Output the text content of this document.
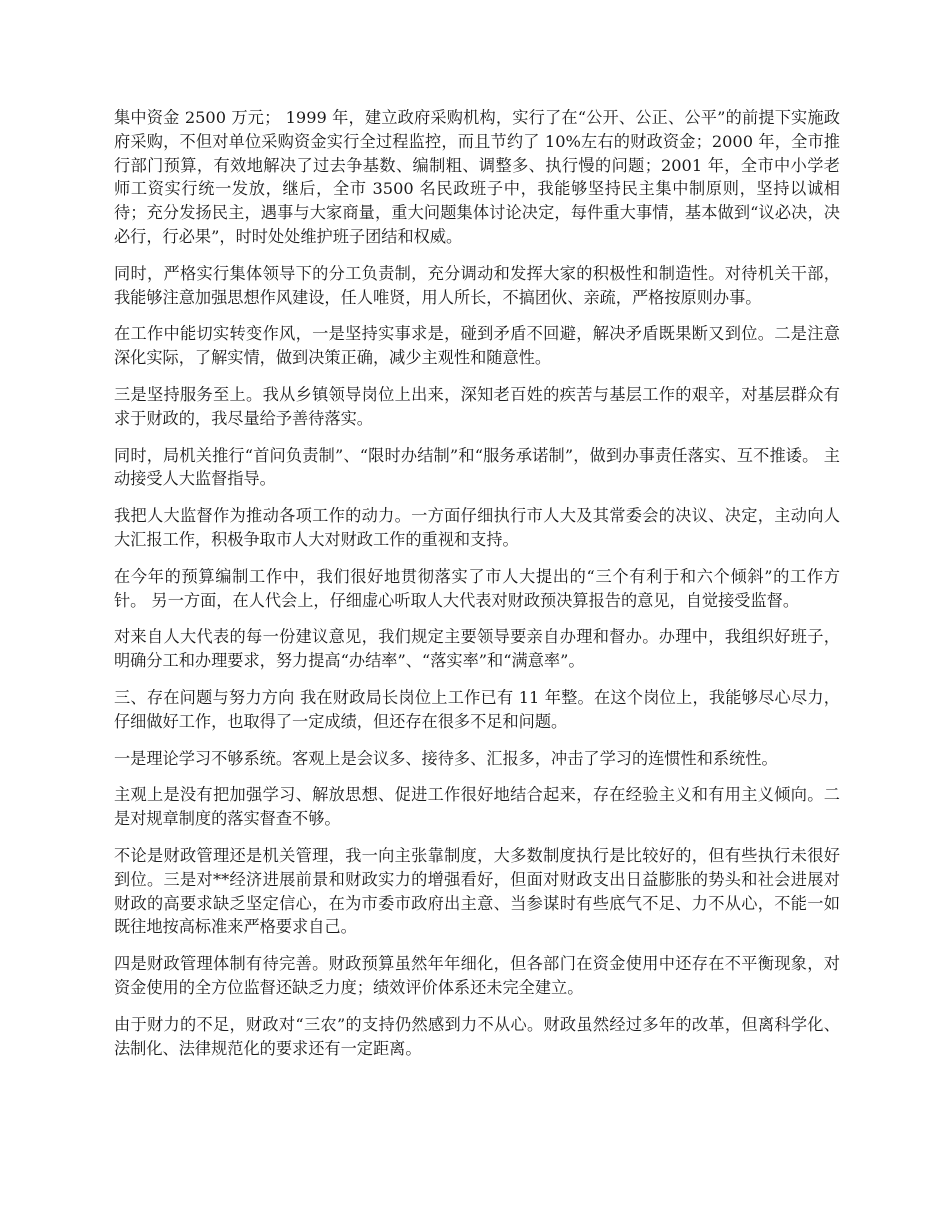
集中资金 2500 万元； 1999 年，建立政府采购机构，实行了在“公开、公正、公平”的前提下实施政府采购，不但对单位采购资金实行全过程监控，而且节约了 10%左右的财政资金；2000 年，全市推行部门预算，有效地解决了过去争基数、编制粗、调整多、执行慢的问题；2001 年，全市中小学老师工资实行统一发放，继后，全市 3500 名民政班子中，我能够坚持民主集中制原则，坚持以诚相待；充分发扬民主，遇事与大家商量，重大问题集体讨论决定，每件重大事情，基本做到“议必决，决必行，行必果”，时时处处维护班子团结和权威。

同时，严格实行集体领导下的分工负责制，充分调动和发挥大家的积极性和制造性。对待机关干部，我能够注意加强思想作风建设，任人唯贤，用人所长，不搞团伙、亲疏，严格按原则办事。

在工作中能切实转变作风，一是坚持实事求是，碰到矛盾不回避，解决矛盾既果断又到位。二是注意深化实际，了解实情，做到决策正确，减少主观性和随意性。

三是坚持服务至上。我从乡镇领导岗位上出来，深知老百姓的疾苦与基层工作的艰辛，对基层群众有求于财政的，我尽量给予善待落实。

同时，局机关推行“首问负责制”、“限时办结制”和“服务承诺制”，做到办事责任落实、互不推诿。 主动接受人大监督指导。

我把人大监督作为推动各项工作的动力。一方面仔细执行市人大及其常委会的决议、决定，主动向人大汇报工作，积极争取市人大对财政工作的重视和支持。

在今年的预算编制工作中，我们很好地贯彻落实了市人大提出的“三个有利于和六个倾斜”的工作方针。 另一方面，在人代会上，仔细虚心听取人大代表对财政预决算报告的意见，自觉接受监督。

对来自人大代表的每一份建议意见，我们规定主要领导要亲自办理和督办。办理中，我组织好班子，明确分工和办理要求，努力提高“办结率”、“落实率”和“满意率”。

三、存在问题与努力方向 我在财政局长岗位上工作已有 11 年整。在这个岗位上，我能够尽心尽力，仔细做好工作，也取得了一定成绩，但还存在很多不足和问题。

一是理论学习不够系统。客观上是会议多、接待多、汇报多，冲击了学习的连惯性和系统性。

主观上是没有把加强学习、解放思想、促进工作很好地结合起来，存在经验主义和有用主义倾向。二是对规章制度的落实督查不够。

不论是财政管理还是机关管理，我一向主张靠制度，大多数制度执行是比较好的，但有些执行未很好到位。三是对**经济进展前景和财政实力的增强看好，但面对财政支出日益膨胀的势头和社会进展对财政的高要求缺乏坚定信心，在为市委市政府出主意、当参谋时有些底气不足、力不从心，不能一如既往地按高标准来严格要求自己。

四是财政管理体制有待完善。财政预算虽然年年细化，但各部门在资金使用中还存在不平衡现象，对资金使用的全方位监督还缺乏力度；绩效评价体系还未完全建立。

由于财力的不足，财政对“三农”的支持仍然感到力不从心。财政虽然经过多年的改革，但离科学化、法制化、法律规范化的要求还有一定距离。
